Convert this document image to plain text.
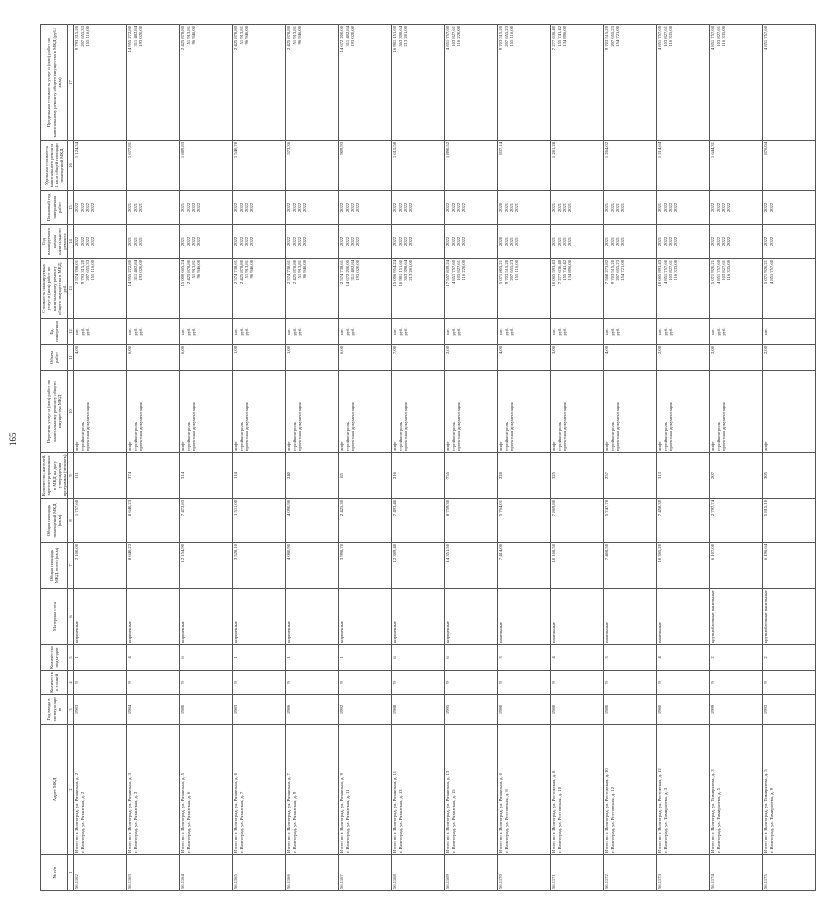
165
№ п/п	Адрес МКД	Год ввода в эксплуатацию	Количество этажей	Количество подъездов	Материал стен	Общая площадь МКД, всего (кв.м)	Общая площадь помещений МКД (кв.м)	Количество жителей, зарегистрированных в МКД на дату утверждения программы (человек)	Перечень услуг и (или) работ по капитальному ремонту общего имущества МКД	Объем работ	Ед. измерения	Стоимость планируемых услуг и (или) работ по капитальному ремонту общего имущества в МКД, руб.	Год планируемого начала капитального ремонта	Плановый год завершения работ	Удельная стоимость капитального ремонта 1 кв.м общей площади помещений МКД	Предельная стоимость услуг и (или) работ по капитальному ремонту общего имущества в МКД (руб./кв.м)
1	2	3	4	5	6	7	8	9	10	11	12	13	14	15	16	17
56.1162	Итого по г. Волгоград, ул. Рязанская, д. 2 г. Волгоград, ул. Рязанская, д. 2	1983	9	1	кирпичные	2 100,00	1 757,68	111	лифт стройконтроль проектная документация	4,00	шт. руб. руб.	2 574 788,01 9 793 315,20 207 655,33 155 116,00	2022 2022 2022 2022	2022 2022 2022 2022	1 124,54	9 793 315,20 207 655,33 155 116,00

56.1163	Итого по г. Волгоград, ул. Рязанская, д. 3 г. Волгоград, ул. Рязанская, д. 3	1984	9	4	кирпичные	8 640,23	8 640,23	374	лифт стройконтроль проектная документация	6,00	шт. руб. руб.	14 955 272,80 311 482,84 193 020,00	2021 2021 2021	2021 2021 2021	1 677,81	14 955 272,80 311 482,84 193 020,00

56.1164	Итого по г. Волгоград, ул. Рязанская, д. 5 г. Волгоград, ул. Рязанская, д. 6	1980	9	6	кирпичные	12 154,90	7 472,83	314	лифт стройконтроль проектная документация	6,00	шт. руб. руб.	15 000 665,24 2 425 878,80 51 913,81 96 946,00	2021 2022 2022 2022	2021 2022 2022 2022	1 889,83	2 425 878,80 51 913,81 96 946,00

56.1165	Итого по г. Волгоград, ул. Рязанская, д. 6 г. Волгоград, ул. Рязанская, д. 7	1983	9	1	кирпичные	3 528,10	1 511,00	114	лифт стройконтроль проектная документация	1,00	шт. руб. руб.	2 574 738,61 2 425 878,80 51 913,81 96 946,00	2022 2022 2022 2022	2022 2022 2022 2022	1 540,78	2 425 878,80 51 913,81 96 946,00

56.1166	Итого по г. Волгоград, ул. Рязанская, д. 7 г. Волгоград, ул. Рязанская, д. 9	1986	9	1	кирпичные	4 080,90	4 090,90	240	лифт стройконтроль проектная документация	1,00	шт. руб. руб.	2 574 738,61 2 425 878,80 51 913,81 96 946,00	2022 2022 2022 2022	2022 2022 2022 2022	573,36	2 425 878,80 51 913,81 96 946,00

56.1167	Итого по г. Волгоград, ул. Рязанская, д. 9 г. Волгоград, ул. Рязанская, д. 11	1992	9	1	кирпичные	3 998,70	2 425,30	85	лифт стройконтроль проектная документация	6,00	шт. руб. руб.	2 574 738,61 14 672 200,00 311 482,84 193 020,00	2022 2022 2022 2022	2022 2022 2022 2022	909,93	14 672 200,00 311 482,84 193 020,00

56.1168	Итого по г. Волгоград, ул. Рязанская, д. 11 г. Волгоград, ул. Рязанская, д. 13	1988	9	6	кирпичные	12 389,40	7 493,40	216	лифт стройконтроль проектная документация	7,00	шт. руб. руб.	15 006 954,24 16 981 151,60 363 398,64 213 281,00	2022 2022 2022 2022	2022 2022 2022 2022	1 615,58	16 981 151,60 363 398,64 213 281,00

56.1169	Итого по г. Волгоград, ул. Рязанская, д. 13 г. Волгоград, ул. Рязанская, д. 15	1995	9	6	кирпичные	14 351,50	8 759,30	755	лифт стройконтроль проектная документация	2,00	шт. руб. руб.	17 557 839,24 4 851 757,60 103 827,61 116 220,00	2022 2022 2022 2022	2022 2022 2022 2022	1 890,52	4 851 757,60 103 827,61 116 220,00

56.1170	Итого по г. Волгоград, ул. Рязанская, д. 6 г. Волгоград, ул. Ростовская, д. 8	1980	9	3	панельные	7 414,00	5 764,01	228	лифт стройконтроль проектная документация	4,00	шт. руб. руб.	5 071 805,21 9 703 515,20 207 655,23 155 116,00	2020 2021 2021 2021	2020 2021 2021 2021	837,14	9 703 515,20 207 655,23 155 116,00

56.1171	Итого по г. Волгоград, ул. Ростовская, д. 8 г. Волгоград, ул. Ростовская, д. 10	1980	9	4	панельные	10 168,50	7 869,80	325	лифт стройконтроль проектная документация	3,00	шт. руб. руб.	10 065 593,43 7 277 636,40 155 741,42 134 896,00	2021 2021 2021 2021	2021 2021 2021 2021	1 281,28	7 277 636,40 155 741,42 134 896,00

56.1172	Итого по г. Волгоград, ул. Ростовская, д. 10 г. Волгоград, ул. Ростовская, д. 12	1980	9	3	панельные	7 408,50	5 747,78	257	лифт стройконтроль проектная документация	4,00	шт. руб. руб.	7 568 273,82 9 703 515,20 207 655,23 154 721,00	2021 2021 2021 2021	2021 2021 2021 2021	1 264,02	9 703 515,20 207 655,23 154 721,00

56.1173	Итого по г. Волгоград, ул. Ростовская, д. 12 г. Волгоград, ул. Тимирязева, д. 3	1980	9	4	панельные	10 365,20	7 458,30	313	лифт стройконтроль проектная документация	2,00	шт. руб. руб.	10 065 891,43 4 851 757,60 103 827,61 116 335,00	2021 2022 2022 2022	2021 2022 2022 2022	1 214,64	4 851 757,60 103 827,61 116 335,00

56.1174	Итого по г. Волгоград, ул. Тимирязева, д. 3 г. Волгоград, ул. Тимирязева, д. 5	1999	9	2	крупноблочные панельные	6 107,00	2 797,74	207	лифт стройконтроль проектная документация	2,00	шт. руб. руб.	5 071 920,21 4 851 757,60 103 827,61 116 335,00	2022 2022 2022 2022	2022 2022 2022 2022	1 644,31	4 851 757,60 103 827,61 116 335,00

56.1175	Итого по г. Волгоград, ул. Тимирязева, д. 5 г. Волгоград, ул. Тимирязева, д. 9	1993	9	2	крупноблочные панельные	6 196,64	5 815,10	305	лифт	2,00	шт.	5 071 920,21 4 851 757,60	2022 2022	2022 2022	876,04	4 851 757,60
